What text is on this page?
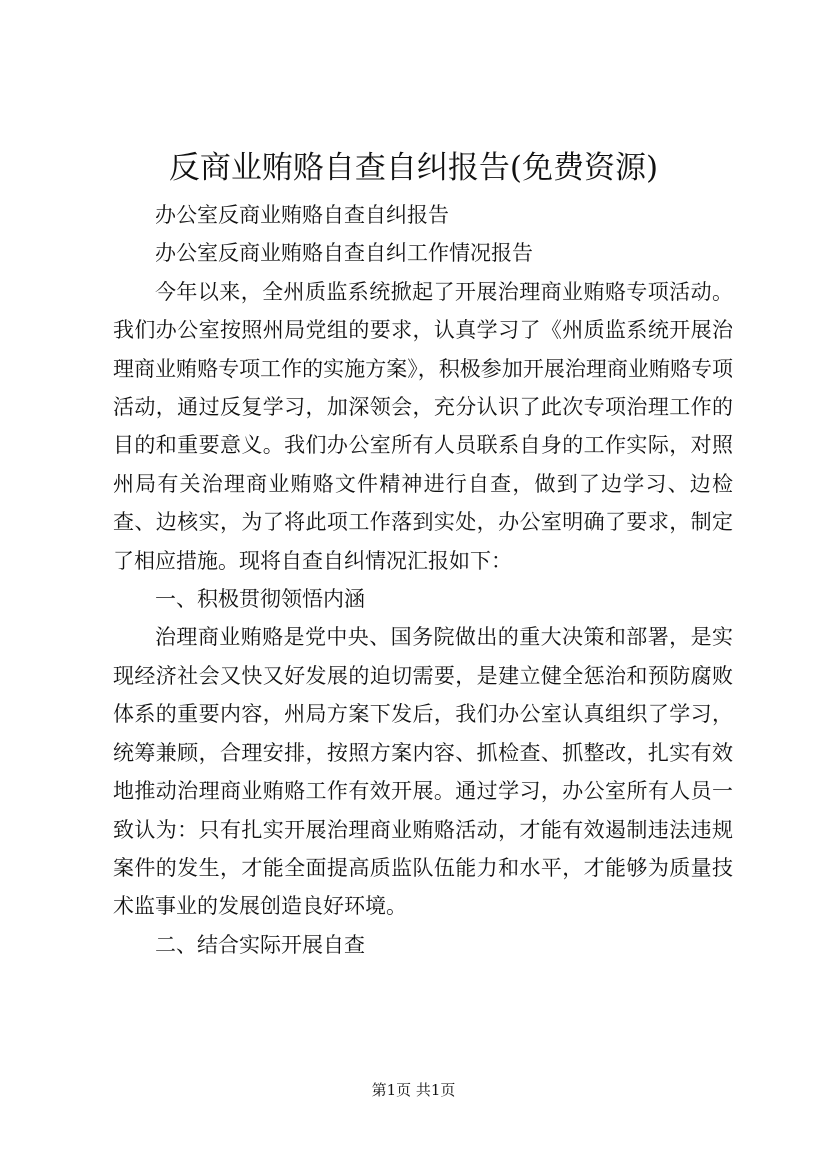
反商业贿赂自查自纠报告(免费资源)

办公室反商业贿赂自查自纠报告

办公室反商业贿赂自查自纠工作情况报告

今年以来，全州质监系统掀起了开展治理商业贿赂专项活动。我们办公室按照州局党组的要求，认真学习了《州质监系统开展治理商业贿赂专项工作的实施方案》，积极参加开展治理商业贿赂专项活动，通过反复学习，加深领会，充分认识了此次专项治理工作的目的和重要意义。我们办公室所有人员联系自身的工作实际，对照州局有关治理商业贿赂文件精神进行自查，做到了边学习、边检查、边核实，为了将此项工作落到实处，办公室明确了要求，制定了相应措施。现将自查自纠情况汇报如下：

一、积极贯彻领悟内涵

治理商业贿赂是党中央、国务院做出的重大决策和部署，是实现经济社会又快又好发展的迫切需要，是建立健全惩治和预防腐败体系的重要内容，州局方案下发后，我们办公室认真组织了学习，统筹兼顾，合理安排，按照方案内容、抓检查、抓整改，扎实有效地推动治理商业贿赂工作有效开展。通过学习，办公室所有人员一致认为：只有扎实开展治理商业贿赂活动，才能有效遏制违法违规案件的发生，才能全面提高质监队伍能力和水平，才能够为质量技术监事业的发展创造良好环境。

二、结合实际开展自查

第1页 共1页
